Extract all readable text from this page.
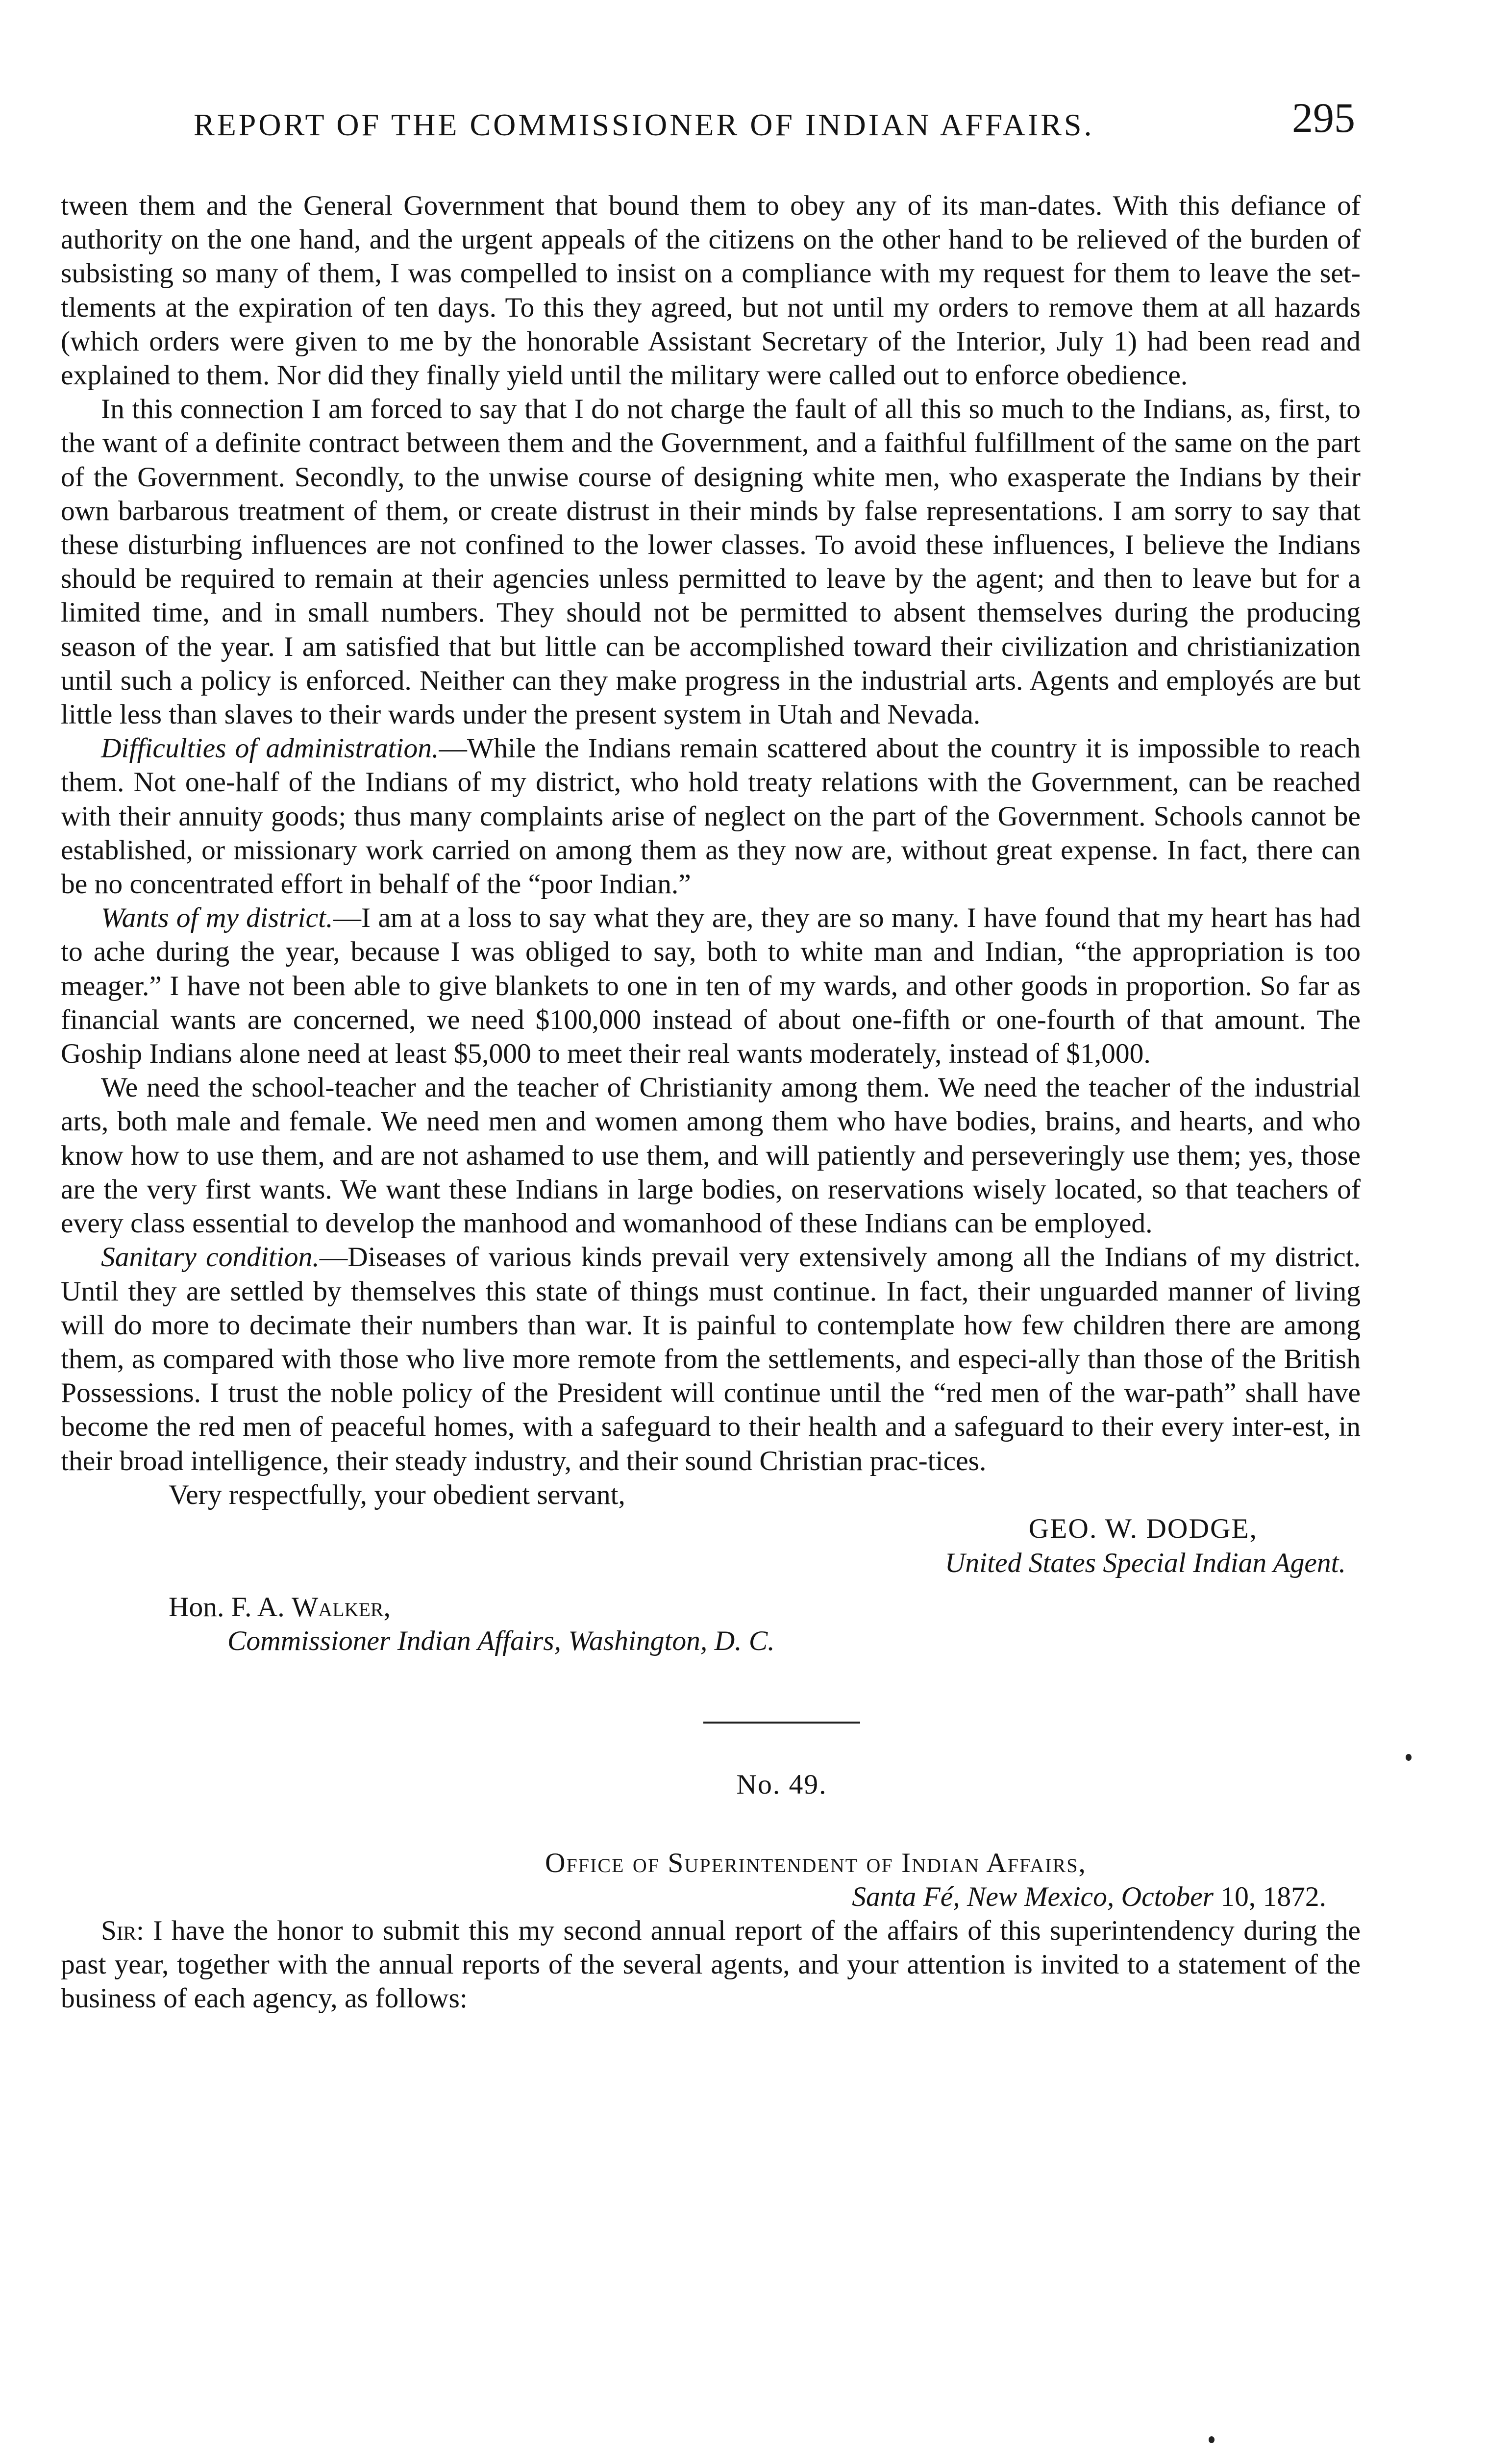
REPORT OF THE COMMISSIONER OF INDIAN AFFAIRS.	295

tween them and the General Government that bound them to obey any of its man-dates. With this defiance of authority on the one hand, and the urgent appeals of the citizens on the other hand to be relieved of the burden of subsisting so many of them, I was compelled to insist on a compliance with my request for them to leave the set-tlements at the expiration of ten days. To this they agreed, but not until my orders to remove them at all hazards (which orders were given to me by the honorable Assistant Secretary of the Interior, July 1) had been read and explained to them. Nor did they finally yield until the military were called out to enforce obedience.

In this connection I am forced to say that I do not charge the fault of all this so much to the Indians, as, first, to the want of a definite contract between them and the Government, and a faithful fulfillment of the same on the part of the Government. Secondly, to the unwise course of designing white men, who exasperate the Indians by their own barbarous treatment of them, or create distrust in their minds by false representations. I am sorry to say that these disturbing influences are not confined to the lower classes. To avoid these influences, I believe the Indians should be required to remain at their agencies unless permitted to leave by the agent; and then to leave but for a limited time, and in small numbers. They should not be permitted to absent themselves during the producing season of the year. I am satisfied that but little can be accomplished toward their civilization and christianization until such a policy is enforced. Neither can they make progress in the industrial arts. Agents and employés are but little less than slaves to their wards under the present system in Utah and Nevada.

Difficulties of administration.—While the Indians remain scattered about the country it is impossible to reach them. Not one-half of the Indians of my district, who hold treaty relations with the Government, can be reached with their annuity goods; thus many complaints arise of neglect on the part of the Government. Schools cannot be established, or missionary work carried on among them as they now are, without great expense. In fact, there can be no concentrated effort in behalf of the “poor Indian.”

Wants of my district.—I am at a loss to say what they are, they are so many. I have found that my heart has had to ache during the year, because I was obliged to say, both to white man and Indian, “the appropriation is too meager.” I have not been able to give blankets to one in ten of my wards, and other goods in proportion. So far as financial wants are concerned, we need $100,000 instead of about one-fifth or one-fourth of that amount. The Goship Indians alone need at least $5,000 to meet their real wants moderately, instead of $1,000.

We need the school-teacher and the teacher of Christianity among them. We need the teacher of the industrial arts, both male and female. We need men and women among them who have bodies, brains, and hearts, and who know how to use them, and are not ashamed to use them, and will patiently and perseveringly use them; yes, those are the very first wants. We want these Indians in large bodies, on reservations wisely located, so that teachers of every class essential to develop the manhood and womanhood of these Indians can be employed.

Sanitary condition.—Diseases of various kinds prevail very extensively among all the Indians of my district. Until they are settled by themselves this state of things must continue. In fact, their unguarded manner of living will do more to decimate their numbers than war. It is painful to contemplate how few children there are among them, as compared with those who live more remote from the settlements, and especi-ally than those of the British Possessions. I trust the noble policy of the President will continue until the “red men of the war-path” shall have become the red men of peaceful homes, with a safeguard to their health and a safeguard to their every inter-est, in their broad intelligence, their steady industry, and their sound Christian prac-tices.

Very respectfully, your obedient servant,

GEO. W. DODGE,
United States Special Indian Agent.

Hon. F. A. Walker,

Commissioner Indian Affairs, Washington, D. C.

No. 49.

Office of Superintendent of Indian Affairs,

Santa Fé, New Mexico, October 10, 1872.

Sir: I have the honor to submit this my second annual report of the affairs of this superintendency during the past year, together with the annual reports of the several agents, and your attention is invited to a statement of the business of each agency, as follows:
